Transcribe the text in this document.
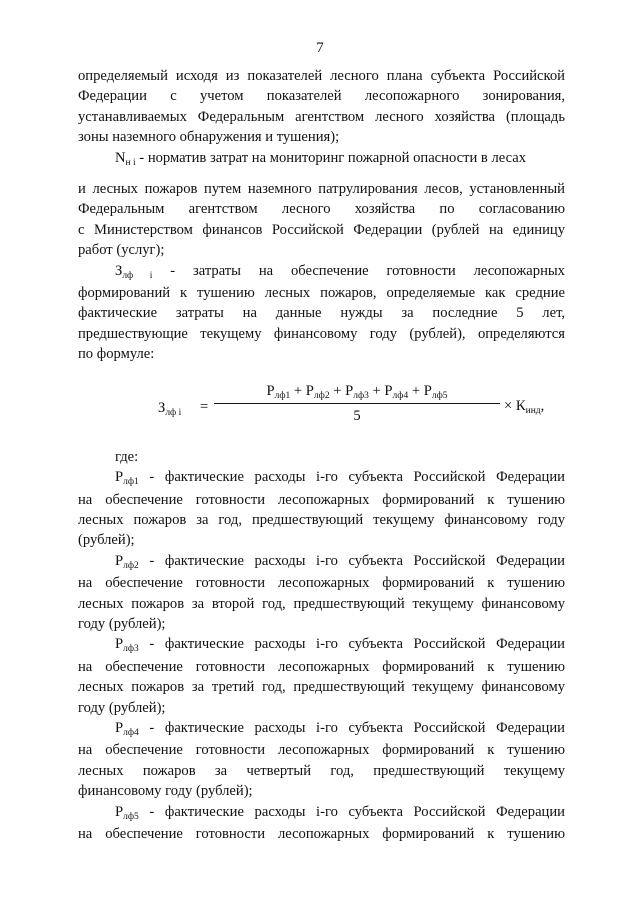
7

определяемый исходя из показателей лесного плана субъекта Российской

Федерации с учетом показателей лесопожарного зонирования,

устанавливаемых Федеральным агентством лесного хозяйства (площадь

зоны наземного обнаружения и тушения);

$N_{н i}$ - норматив затрат на мониторинг пожарной опасности в лесах

и лесных пожаров путем наземного патрулирования лесов, установленный

Федеральным агентством лесного хозяйства по согласованию

с Министерством финансов Российской Федерации (рублей на единицу

работ (услуг);

$З_{лф i}$ - затраты на обеспечение готовности лесопожарных

формирований к тушению лесных пожаров, определяемые как средние

фактические затраты на данные нужды за последние 5 лет,

предшествующие текущему финансовому году (рублей), определяются

по формуле:

$З_{лф i}$ =
$Р_{лф1} + Р_{лф2} + Р_{лф3} + Р_{лф4} + Р_{лф5}$
5
× $К_{инд}$,

где:

$Р_{лф1}$ - фактические расходы i-го субъекта Российской Федерации

на обеспечение готовности лесопожарных формирований к тушению

лесных пожаров за год, предшествующий текущему финансовому году

(рублей);

$Р_{лф2}$ - фактические расходы i-го субъекта Российской Федерации

на обеспечение готовности лесопожарных формирований к тушению

лесных пожаров за второй год, предшествующий текущему финансовому

году (рублей);

$Р_{лф3}$ - фактические расходы i-го субъекта Российской Федерации

на обеспечение готовности лесопожарных формирований к тушению

лесных пожаров за третий год, предшествующий текущему финансовому

году (рублей);

$Р_{лф4}$ - фактические расходы i-го субъекта Российской Федерации

на обеспечение готовности лесопожарных формирований к тушению

лесных пожаров за четвертый год, предшествующий текущему

финансовому году (рублей);

$Р_{лф5}$ - фактические расходы i-го субъекта Российской Федерации

на обеспечение готовности лесопожарных формирований к тушению
